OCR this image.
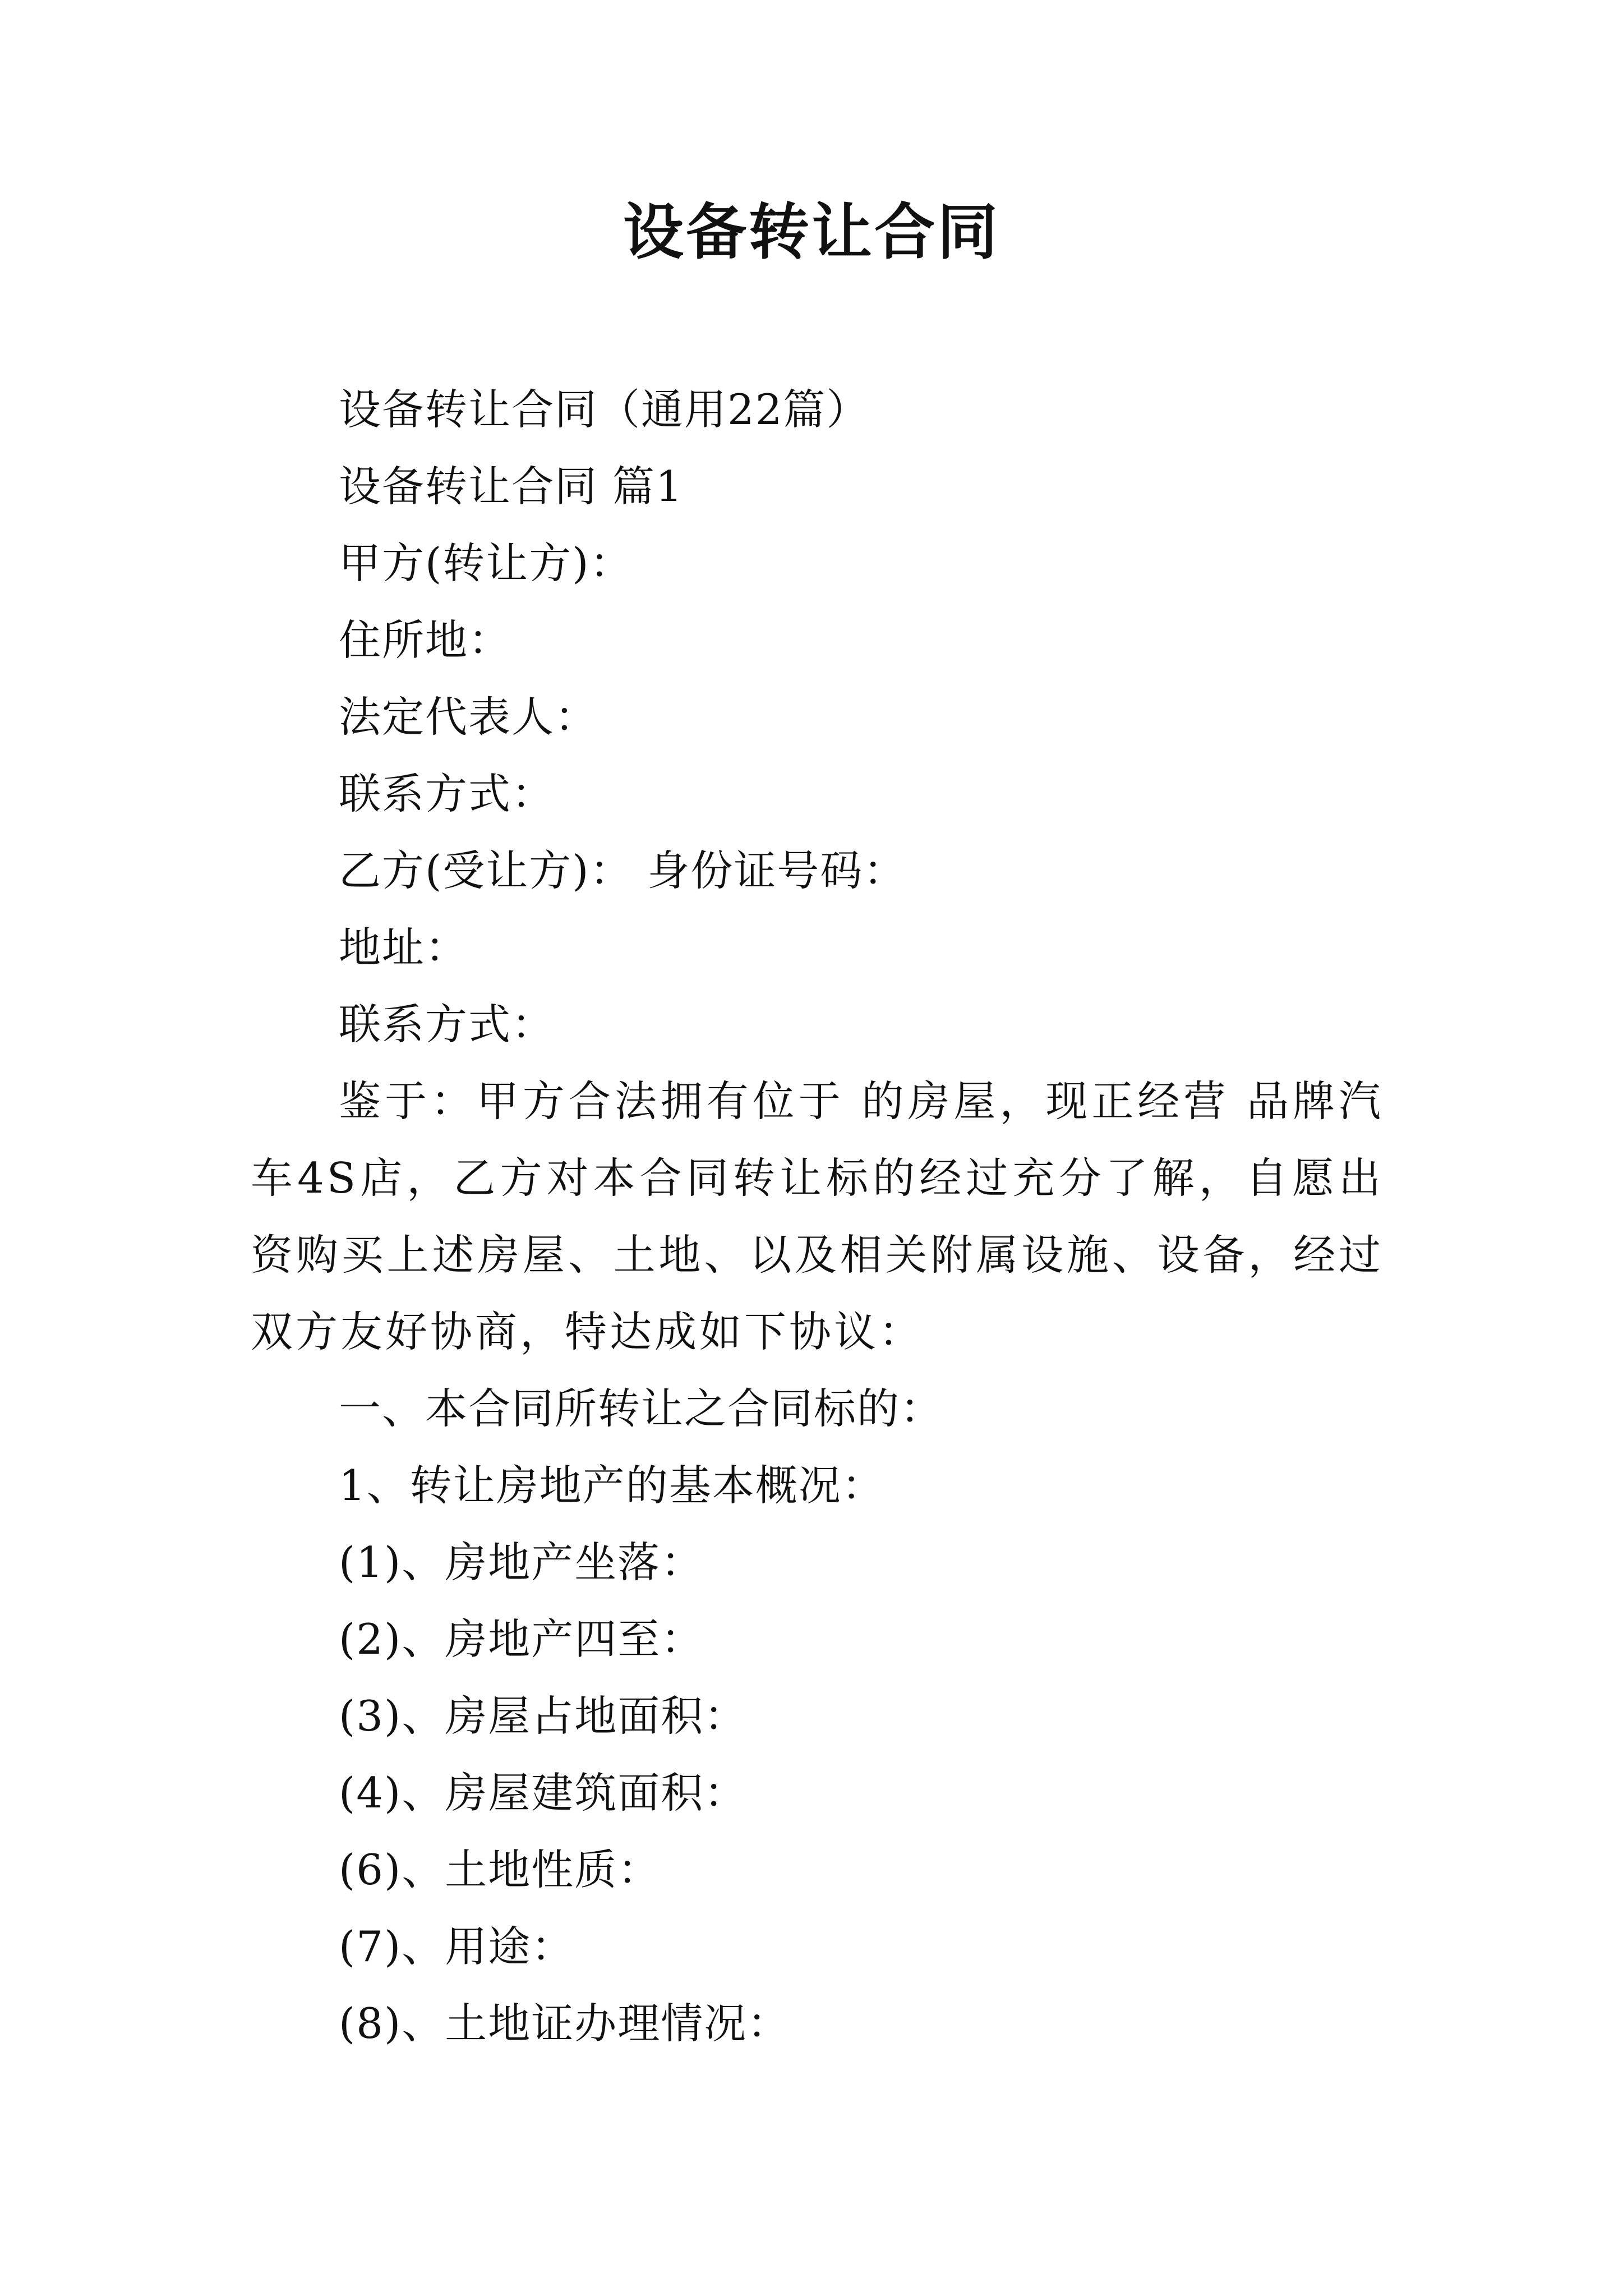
设备转让合同

设备转让合同（通用22篇）

设备转让合同 篇1

甲方(转让方)：

住所地：

法定代表人：

联系方式：

乙方(受让方)： 身份证号码：

地址：

联系方式：

鉴于：甲方合法拥有位于 的房屋，现正经营 品牌汽车4S店，乙方对本合同转让标的经过充分了解，自愿出资购买上述房屋、土地、以及相关附属设施、设备，经过双方友好协商，特达成如下协议：

一、本合同所转让之合同标的：

1、转让房地产的基本概况：

(1)、房地产坐落：

(2)、房地产四至：

(3)、房屋占地面积：

(4)、房屋建筑面积：

(6)、土地性质：

(7)、用途：

(8)、土地证办理情况：
